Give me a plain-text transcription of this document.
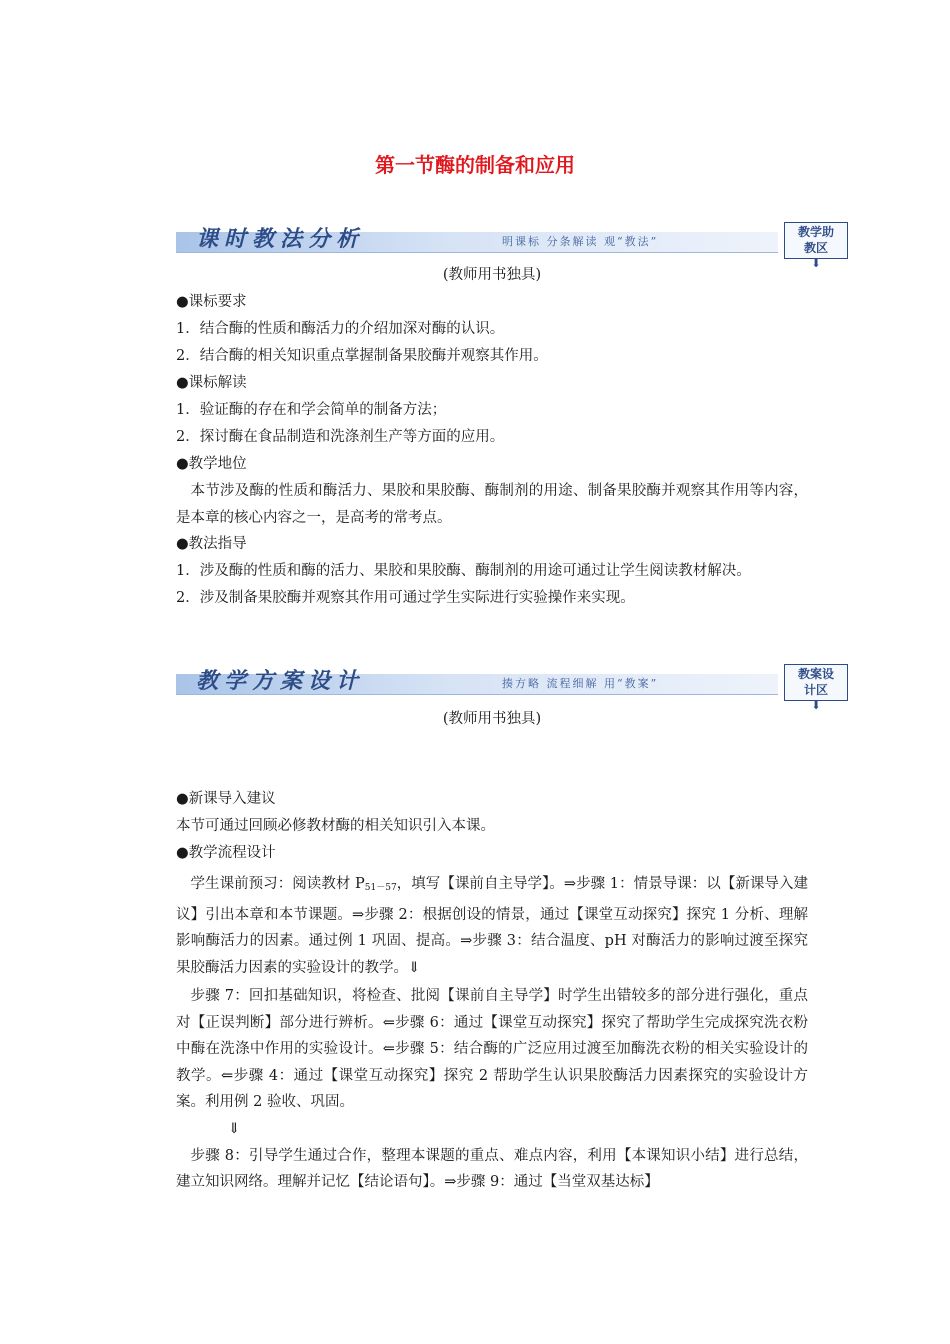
第一节酶的制备和应用
课时教法分析	明课标 分条解读 观“教法”
教学助
教区
⬇
(教师用书独具)
● 课标要求
1．结合酶的性质和酶活力的介绍加深对酶的认识。
2．结合酶的相关知识重点掌握制备果胶酶并观察其作用。
● 课标解读
1．验证酶的存在和学会简单的制备方法；
2．探讨酶在食品制造和洗涤剂生产等方面的应用。
● 教学地位
本节涉及酶的性质和酶活力、果胶和果胶酶、酶制剂的用途、制备果胶酶并观察其作用等内容，是本章的核心内容之一，是高考的常考点。
● 教法指导
1．涉及酶的性质和酶的活力、果胶和果胶酶、酶制剂的用途可通过让学生阅读教材解决。
2．涉及制备果胶酶并观察其作用可通过学生实际进行实验操作来实现。
教学方案设计	揍方略 流程细解 用“教案”
教案设
计区
⬇
(教师用书独具)
● 新课导入建议
本节可通过回顾必修教材酶的相关知识引入本课。
● 教学流程设计
学生课前预习：阅读教材 $P_{51-57}$，填写【课前自主导学】。⇒步骤 1：情景导课：以【新课导入建议】引出本章和本节课题。⇒步骤 2：根据创设的情景，通过【课堂互动探究】探究 1 分析、理解影响酶活力的因素。通过例 1 巩固、提高。⇒步骤 3：结合温度、pH 对酶活力的影响过渡至探究果胶酶活力因素的实验设计的教学。⇓
步骤 7：回扣基础知识，将检查、批阅【课前自主导学】时学生出错较多的部分进行强化，重点对【正误判断】部分进行辨析。⇐步骤 6：通过【课堂互动探究】探究了帮助学生完成探究洗衣粉中酶在洗涤中作用的实验设计。⇐步骤 5：结合酶的广泛应用过渡至加酶洗衣粉的相关实验设计的教学。⇐步骤 4：通过【课堂互动探究】探究 2 帮助学生认识果胶酶活力因素探究的实验设计方案。利用例 2 验收、巩固。
⇓
步骤 8：引导学生通过合作，整理本课题的重点、难点内容，利用【本课知识小结】进行总结，建立知识网络。理解并记忆【结论语句】。⇒步骤 9：通过【当堂双基达标】
